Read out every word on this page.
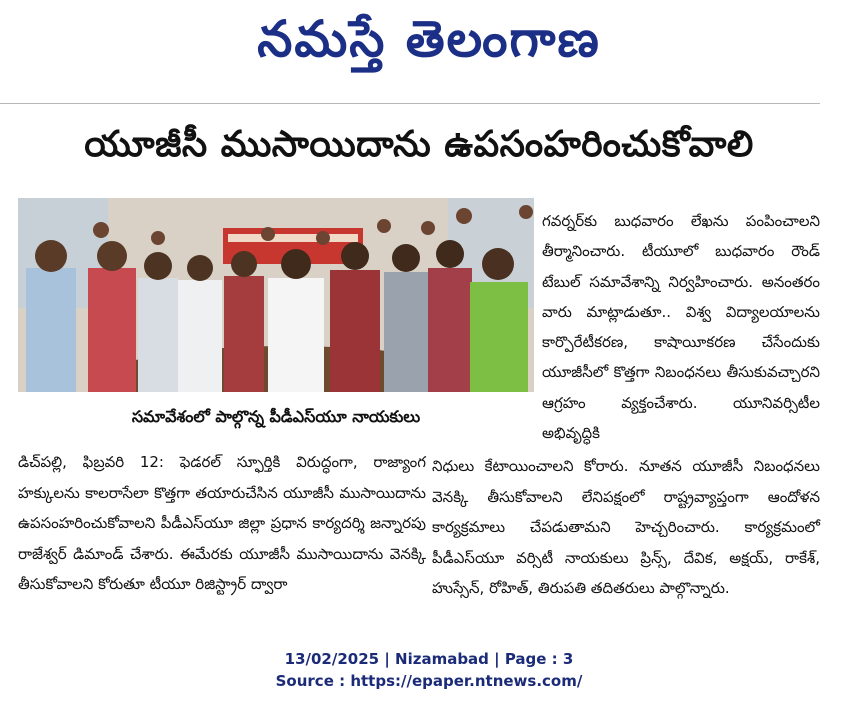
నమస్తే తెలంగాణ
యూజీసీ ముసాయిదాను ఉపసంహరించుకోవాలి
సమావేశంలో పాల్గొన్న పీడీఎస్‌యూ నాయకులు
గవర్నర్‌కు బుధవారం లేఖను పంపించాలని తీర్మానించారు. టీయూలో బుధవారం రౌండ్ టేబుల్ సమావేశాన్ని నిర్వహించారు. అనంతరం వారు మాట్లాడుతూ.. విశ్వ విద్యాలయాలను కార్పొరేటీకరణ, కాషాయీకరణ చేసేందుకు యూజీసీలో కొత్తగా నిబంధనలు తీసుకువచ్చారని ఆగ్రహం వ్యక్తంచేశారు. యూనివర్సిటీల అభివృద్ధికి
డిచ్‌పల్లి, ఫిబ్రవరి 12: ఫెడరల్ స్ఫూర్తికి విరుద్ధంగా, రాజ్యాంగ హక్కులను కాలరాసేలా కొత్తగా తయారుచేసిన యూజీసీ ముసాయిదాను ఉపసంహరించుకోవాలని పీడీఎస్‌యూ జిల్లా ప్రధాన కార్యదర్శి జన్నారపు రాజేశ్వర్ డిమాండ్ చేశారు. ఈమేరకు యూజీసీ ముసాయిదాను వెనక్కి తీసుకోవాలని కోరుతూ టీయూ రిజిస్ట్రార్ ద్వారా
నిధులు కేటాయించాలని కోరారు. నూతన యూజీసీ నిబంధనలు వెనక్కి తీసుకోవాలని లేనిపక్షంలో రాష్ట్రవ్యాప్తంగా ఆందోళన కార్యక్రమాలు చేపడుతామని హెచ్చరించారు. కార్యక్రమంలో పీడీఎస్‌యూ వర్సిటీ నాయకులు ప్రిన్స్, దేవిక, అక్షయ్, రాకేశ్, హుస్సేన్, రోహిత్, తిరుపతి తదితరులు పాల్గొన్నారు.
13/02/2025 | Nizamabad | Page : 3
Source : https://epaper.ntnews.com/
